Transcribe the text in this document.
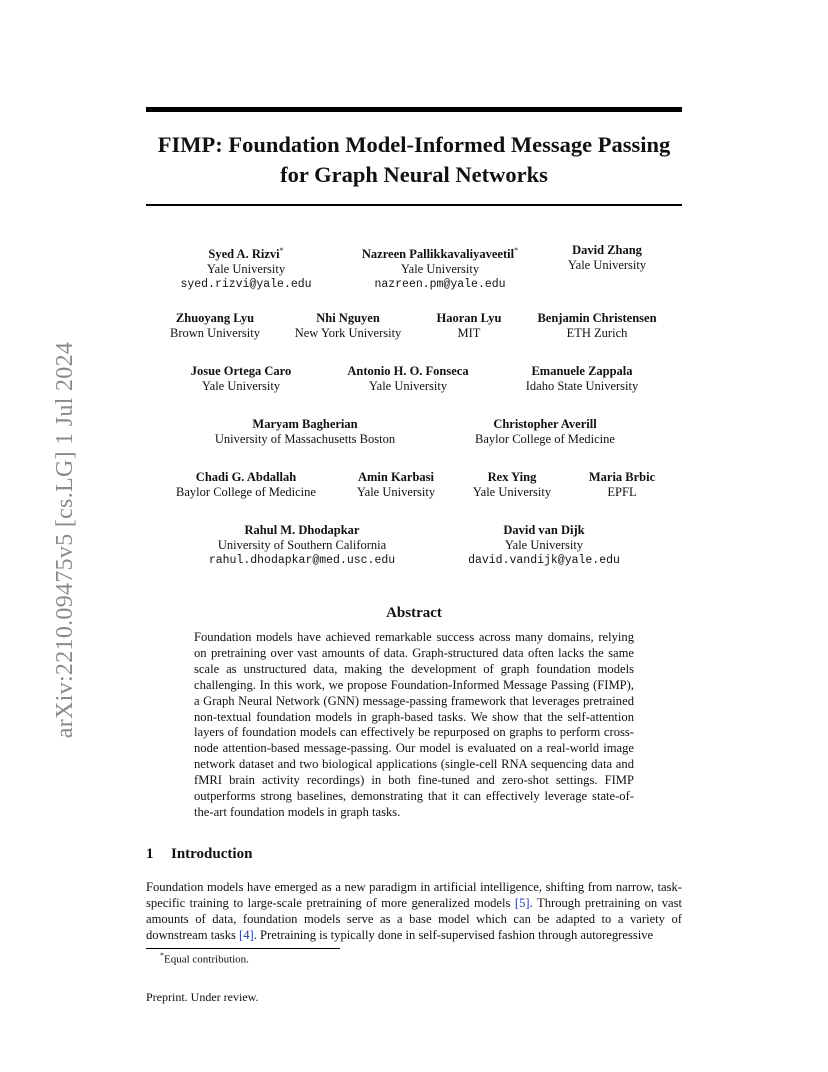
arXiv:2210.09475v5 [cs.LG] 1 Jul 2024
FIMP: Foundation Model-Informed Message Passing
for Graph Neural Networks
Syed A. Rizvi*
Yale University
syed.rizvi@yale.edu
Nazreen Pallikkavaliyaveetil*
Yale University
nazreen.pm@yale.edu
David Zhang
Yale University
Zhuoyang Lyu
Brown University
Nhi Nguyen
New York University
Haoran Lyu
MIT
Benjamin Christensen
ETH Zurich
Josue Ortega Caro
Yale University
Antonio H. O. Fonseca
Yale University
Emanuele Zappala
Idaho State University
Maryam Bagherian
University of Massachusetts Boston
Christopher Averill
Baylor College of Medicine
Chadi G. Abdallah
Baylor College of Medicine
Amin Karbasi
Yale University
Rex Ying
Yale University
Maria Brbic
EPFL
Rahul M. Dhodapkar
University of Southern California
rahul.dhodapkar@med.usc.edu
David van Dijk
Yale University
david.vandijk@yale.edu
Abstract
Foundation models have achieved remarkable success across many domains, relying on pretraining over vast amounts of data. Graph-structured data often lacks the same scale as unstructured data, making the development of graph foundation models challenging. In this work, we propose Foundation-Informed Message Passing (FIMP), a Graph Neural Network (GNN) message-passing framework that leverages pretrained non-textual foundation models in graph-based tasks. We show that the self-attention layers of foundation models can effectively be repurposed on graphs to perform cross-node attention-based message-passing. Our model is evaluated on a real-world image network dataset and two biological applications (single-cell RNA sequencing data and fMRI brain activity recordings) in both fine-tuned and zero-shot settings. FIMP outperforms strong baselines, demonstrating that it can effectively leverage state-of-the-art foundation models in graph tasks.
1 Introduction
Foundation models have emerged as a new paradigm in artificial intelligence, shifting from narrow, task-specific training to large-scale pretraining of more generalized models [5]. Through pretraining on vast amounts of data, foundation models serve as a base model which can be adapted to a variety of downstream tasks [4]. Pretraining is typically done in self-supervised fashion through autoregressive
*Equal contribution.
Preprint. Under review.
